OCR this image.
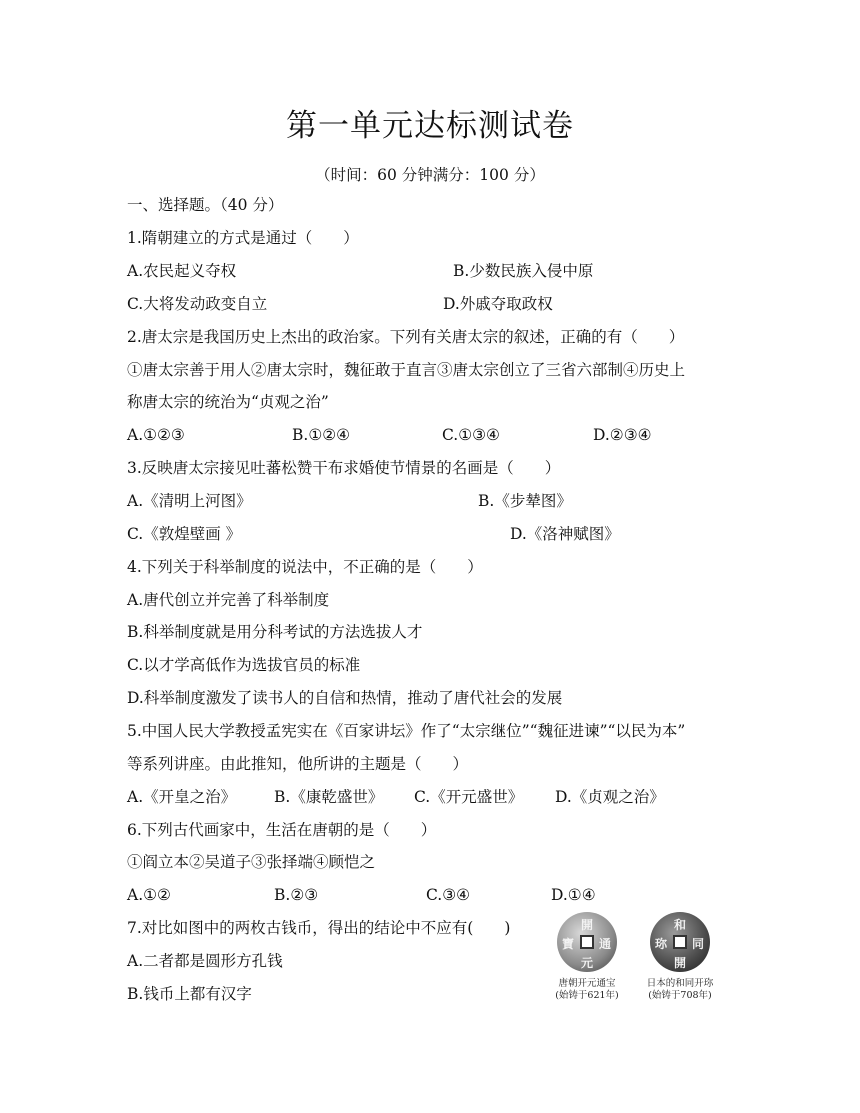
第一单元达标测试卷
（时间：60 分钟满分：100 分）
一、选择题。（40 分）
1.隋朝建立的方式是通过（　　）
A.农民起义夺权	B.少数民族入侵中原
C.大将发动政变自立	D.外戚夺取政权
2.唐太宗是我国历史上杰出的政治家。下列有关唐太宗的叙述，正确的有（　　）
①唐太宗善于用人②唐太宗时，魏征敢于直言③唐太宗创立了三省六部制④历史上
称唐太宗的统治为“贞观之治”
A.①②③	B.①②④	C.①③④	D.②③④
3.反映唐太宗接见吐蕃松赞干布求婚使节情景的名画是（　　）
A.《清明上河图》	B.《步辇图》
C.《敦煌壁画 》	D.《洛神赋图》
4.下列关于科举制度的说法中，不正确的是（　　）
A.唐代创立并完善了科举制度
B.科举制度就是用分科考试的方法选拔人才
C.以才学高低作为选拔官员的标准
D.科举制度激发了读书人的自信和热情，推动了唐代社会的发展
5.中国人民大学教授孟宪实在《百家讲坛》作了“太宗继位”“魏征进谏”“以民为本”
等系列讲座。由此推知，他所讲的主题是（　　）
A.《开皇之治》 B.《康乾盛世》 C.《开元盛世》 D.《贞观之治》
6.下列古代画家中，生活在唐朝的是（　　）
①阎立本②吴道子③张择端④顾恺之
A.①②	B.②③	C.③④	D.①④
7.对比如图中的两枚古钱币，得出的结论中不应有(　　)
A.二者都是圆形方孔钱
B.钱币上都有汉字
開
元
通
寶
唐朝开元通宝
(始铸于621年)
和
同
開
珎
日本的和同开珎
(始铸于708年)
